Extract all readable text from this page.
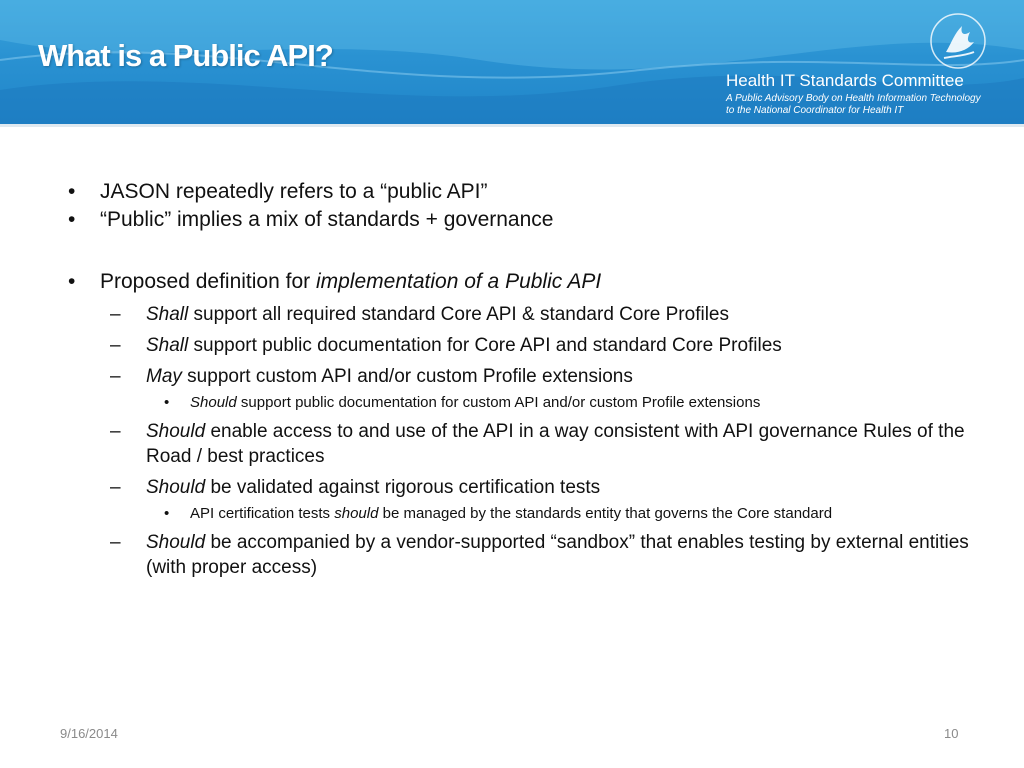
What is a Public API?
Health IT Standards Committee
A Public Advisory Body on Health Information Technology
to the National Coordinator for Health IT
• JASON repeatedly refers to a “public API”
• “Public” implies a mix of standards + governance
• Proposed definition for implementation of a Public API
– Shall support all required standard Core API & standard Core Profiles
– Shall support public documentation for Core API and standard Core Profiles
– May support custom API and/or custom Profile extensions
• Should support public documentation for custom API and/or custom Profile extensions
– Should enable access to and use of the API in a way consistent with API governance Rules of the Road / best practices
– Should be validated against rigorous certification tests
• API certification tests should be managed by the standards entity that governs the Core standard
– Should be accompanied by a vendor-supported “sandbox” that enables testing by external entities (with proper access)
9/16/2014	10
